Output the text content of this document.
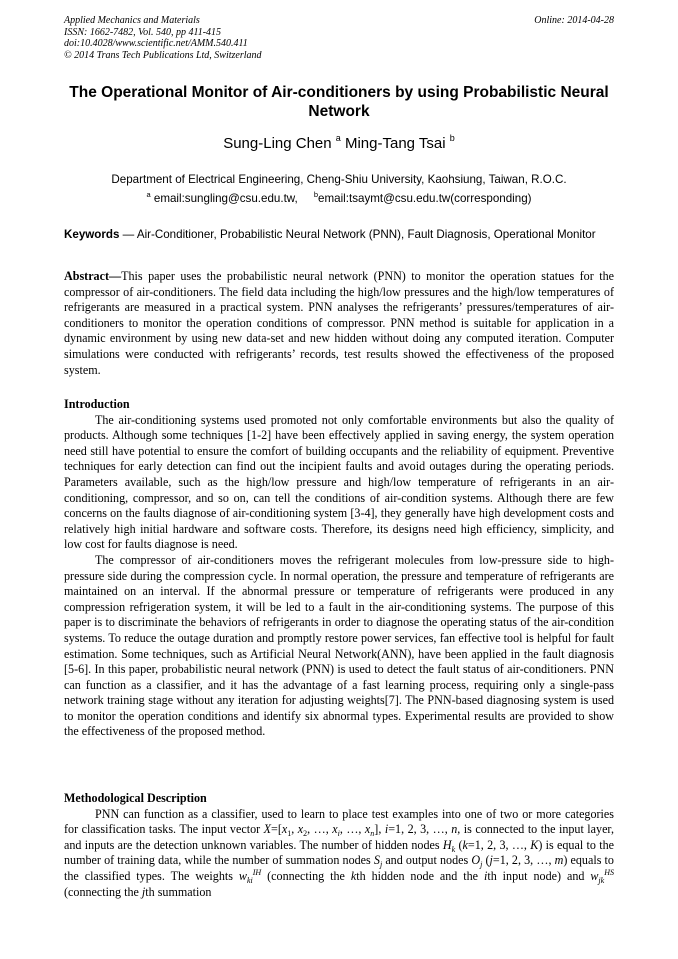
Applied Mechanics and Materials
ISSN: 1662-7482, Vol. 540, pp 411-415
doi:10.4028/www.scientific.net/AMM.540.411
© 2014 Trans Tech Publications Ltd, Switzerland
Online: 2014-04-28
The Operational Monitor of Air-conditioners by using Probabilistic Neural Network
Sung-Ling Chen $^a$ Ming-Tang Tsai $^b$
Department of Electrical Engineering, Cheng-Shiu University, Kaohsiung, Taiwan, R.O.C.
$^a$ email:sungling@csu.edu.tw, $^b$email:tsaymt@csu.edu.tw(corresponding)
Keywords — Air-Conditioner, Probabilistic Neural Network (PNN), Fault Diagnosis, Operational Monitor
Abstract—This paper uses the probabilistic neural network (PNN) to monitor the operation statues for the compressor of air-conditioners. The field data including the high/low pressures and the high/low temperatures of refrigerants are measured in a practical system. PNN analyses the refrigerants’ pressures/temperatures of air-conditioners to monitor the operation conditions of compressor. PNN method is suitable for application in a dynamic environment by using new data-set and new hidden without doing any computed iteration. Computer simulations were conducted with refrigerants’ records, test results showed the effectiveness of the proposed system.
Introduction

The air-conditioning systems used promoted not only comfortable environments but also the quality of products. Although some techniques [1-2] have been effectively applied in saving energy, the system operation need still have potential to ensure the comfort of building occupants and the reliability of equipment. Preventive techniques for early detection can find out the incipient faults and avoid outages during the operating periods. Parameters available, such as the high/low pressure and high/low temperature of refrigerants in an air-conditioning, compressor, and so on, can tell the conditions of air-condition systems. Although there are few concerns on the faults diagnose of air-conditioning system [3-4], they generally have high development costs and relatively high initial hardware and software costs. Therefore, its designs need high efficiency, simplicity, and low cost for faults diagnose is need.

The compressor of air-conditioners moves the refrigerant molecules from low-pressure side to high-pressure side during the compression cycle. In normal operation, the pressure and temperature of refrigerants are maintained on an interval. If the abnormal pressure or temperature of refrigerants were produced in any compression refrigeration system, it will be led to a fault in the air-conditioning systems. The purpose of this paper is to discriminate the behaviors of refrigerants in order to diagnose the operating status of the air-condition systems. To reduce the outage duration and promptly restore power services, fan effective tool is helpful for fault estimation. Some techniques, such as Artificial Neural Network(ANN), have been applied in the fault diagnosis [5-6]. In this paper, probabilistic neural network (PNN) is used to detect the fault status of air-conditioners. PNN can function as a classifier, and it has the advantage of a fast learning process, requiring only a single-pass network training stage without any iteration for adjusting weights[7]. The PNN-based diagnosing system is used to monitor the operation conditions and identify six abnormal types. Experimental results are provided to show the effectiveness of the proposed method.

Methodological Description

PNN can function as a classifier, used to learn to place test examples into one of two or more categories for classification tasks. The input vector $X=[x_1$, $x_2$, …, $x_i$, …, $x_n$], i=1, 2, 3, …, n, is connected to the input layer, and inputs are the detection unknown variables. The number of hidden nodes $H_k$ (k=1, 2, 3, …, K) is equal to the number of training data, while the number of summation nodes $S_j$ and output nodes $O_j$ (j=1, 2, 3, …, m) equals to the classified types. The weights $w_{ki}^{IH}$ (connecting the kth hidden node and the ith input node) and $w_{jk}^{HS}$ (connecting the jth summation
